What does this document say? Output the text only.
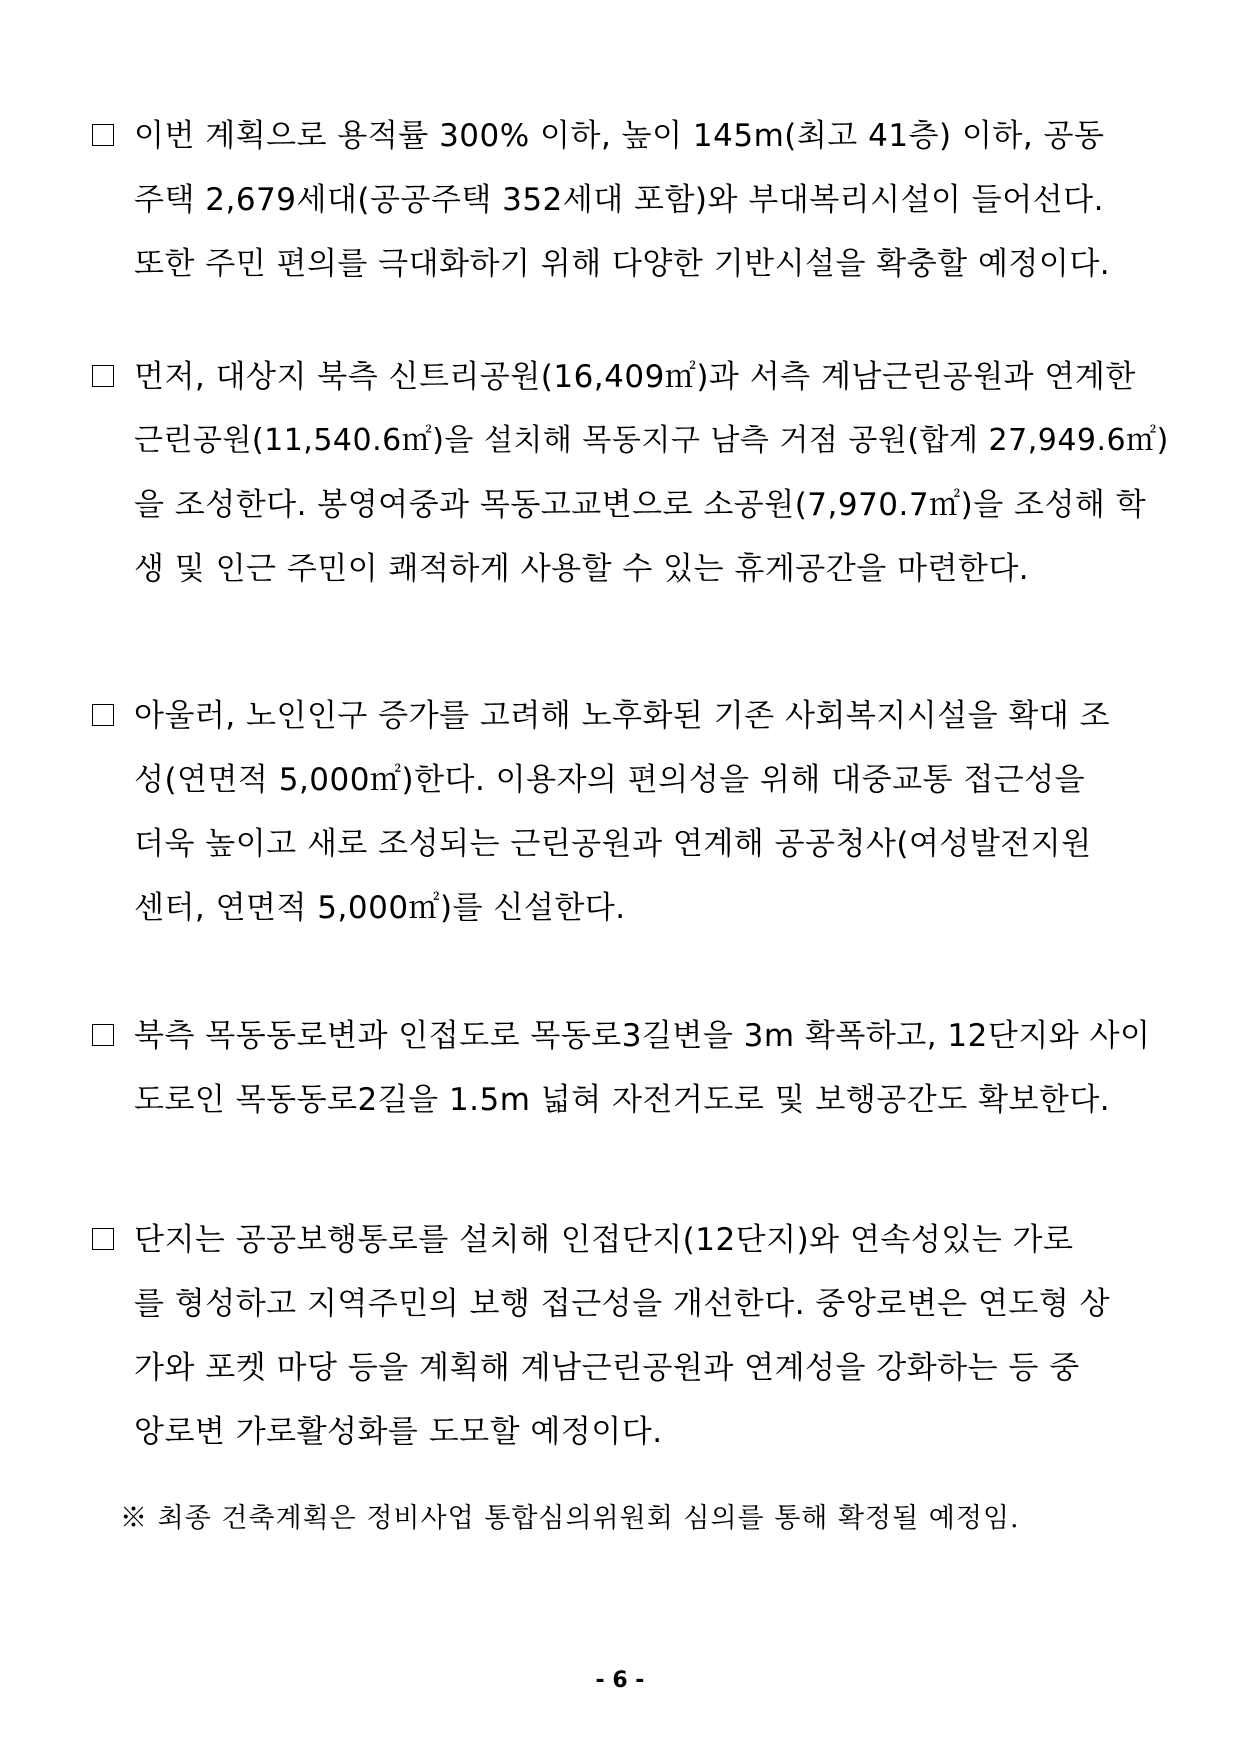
이번 계획으로 용적률 300% 이하, 높이 145m(최고 41층) 이하, 공동
주택 2,679세대(공공주택 352세대 포함)와 부대복리시설이 들어선다.
또한 주민 편의를 극대화하기 위해 다양한 기반시설을 확충할 예정이다.
먼저, 대상지 북측 신트리공원(16,409㎡)과 서측 계남근린공원과 연계한
근린공원(11,540.6㎡)을 설치해 목동지구 남측 거점 공원(합계 27,949.6㎡)
을 조성한다. 봉영여중과 목동고교변으로 소공원(7,970.7㎡)을 조성해 학
생 및 인근 주민이 쾌적하게 사용할 수 있는 휴게공간을 마련한다.
아울러, 노인인구 증가를 고려해 노후화된 기존 사회복지시설을 확대 조
성(연면적 5,000㎡)한다. 이용자의 편의성을 위해 대중교통 접근성을
더욱 높이고 새로 조성되는 근린공원과 연계해 공공청사(여성발전지원
센터, 연면적 5,000㎡)를 신설한다.
북측 목동동로변과 인접도로 목동로3길변을 3m 확폭하고, 12단지와 사이
도로인 목동동로2길을 1.5m 넓혀 자전거도로 및 보행공간도 확보한다.
단지는 공공보행통로를 설치해 인접단지(12단지)와 연속성있는 가로
를 형성하고 지역주민의 보행 접근성을 개선한다. 중앙로변은 연도형 상
가와 포켓 마당 등을 계획해 계남근린공원과 연계성을 강화하는 등 중
앙로변 가로활성화를 도모할 예정이다.
※ 최종 건축계획은 정비사업 통합심의위원회 심의를 통해 확정될 예정임.
- 6 -
